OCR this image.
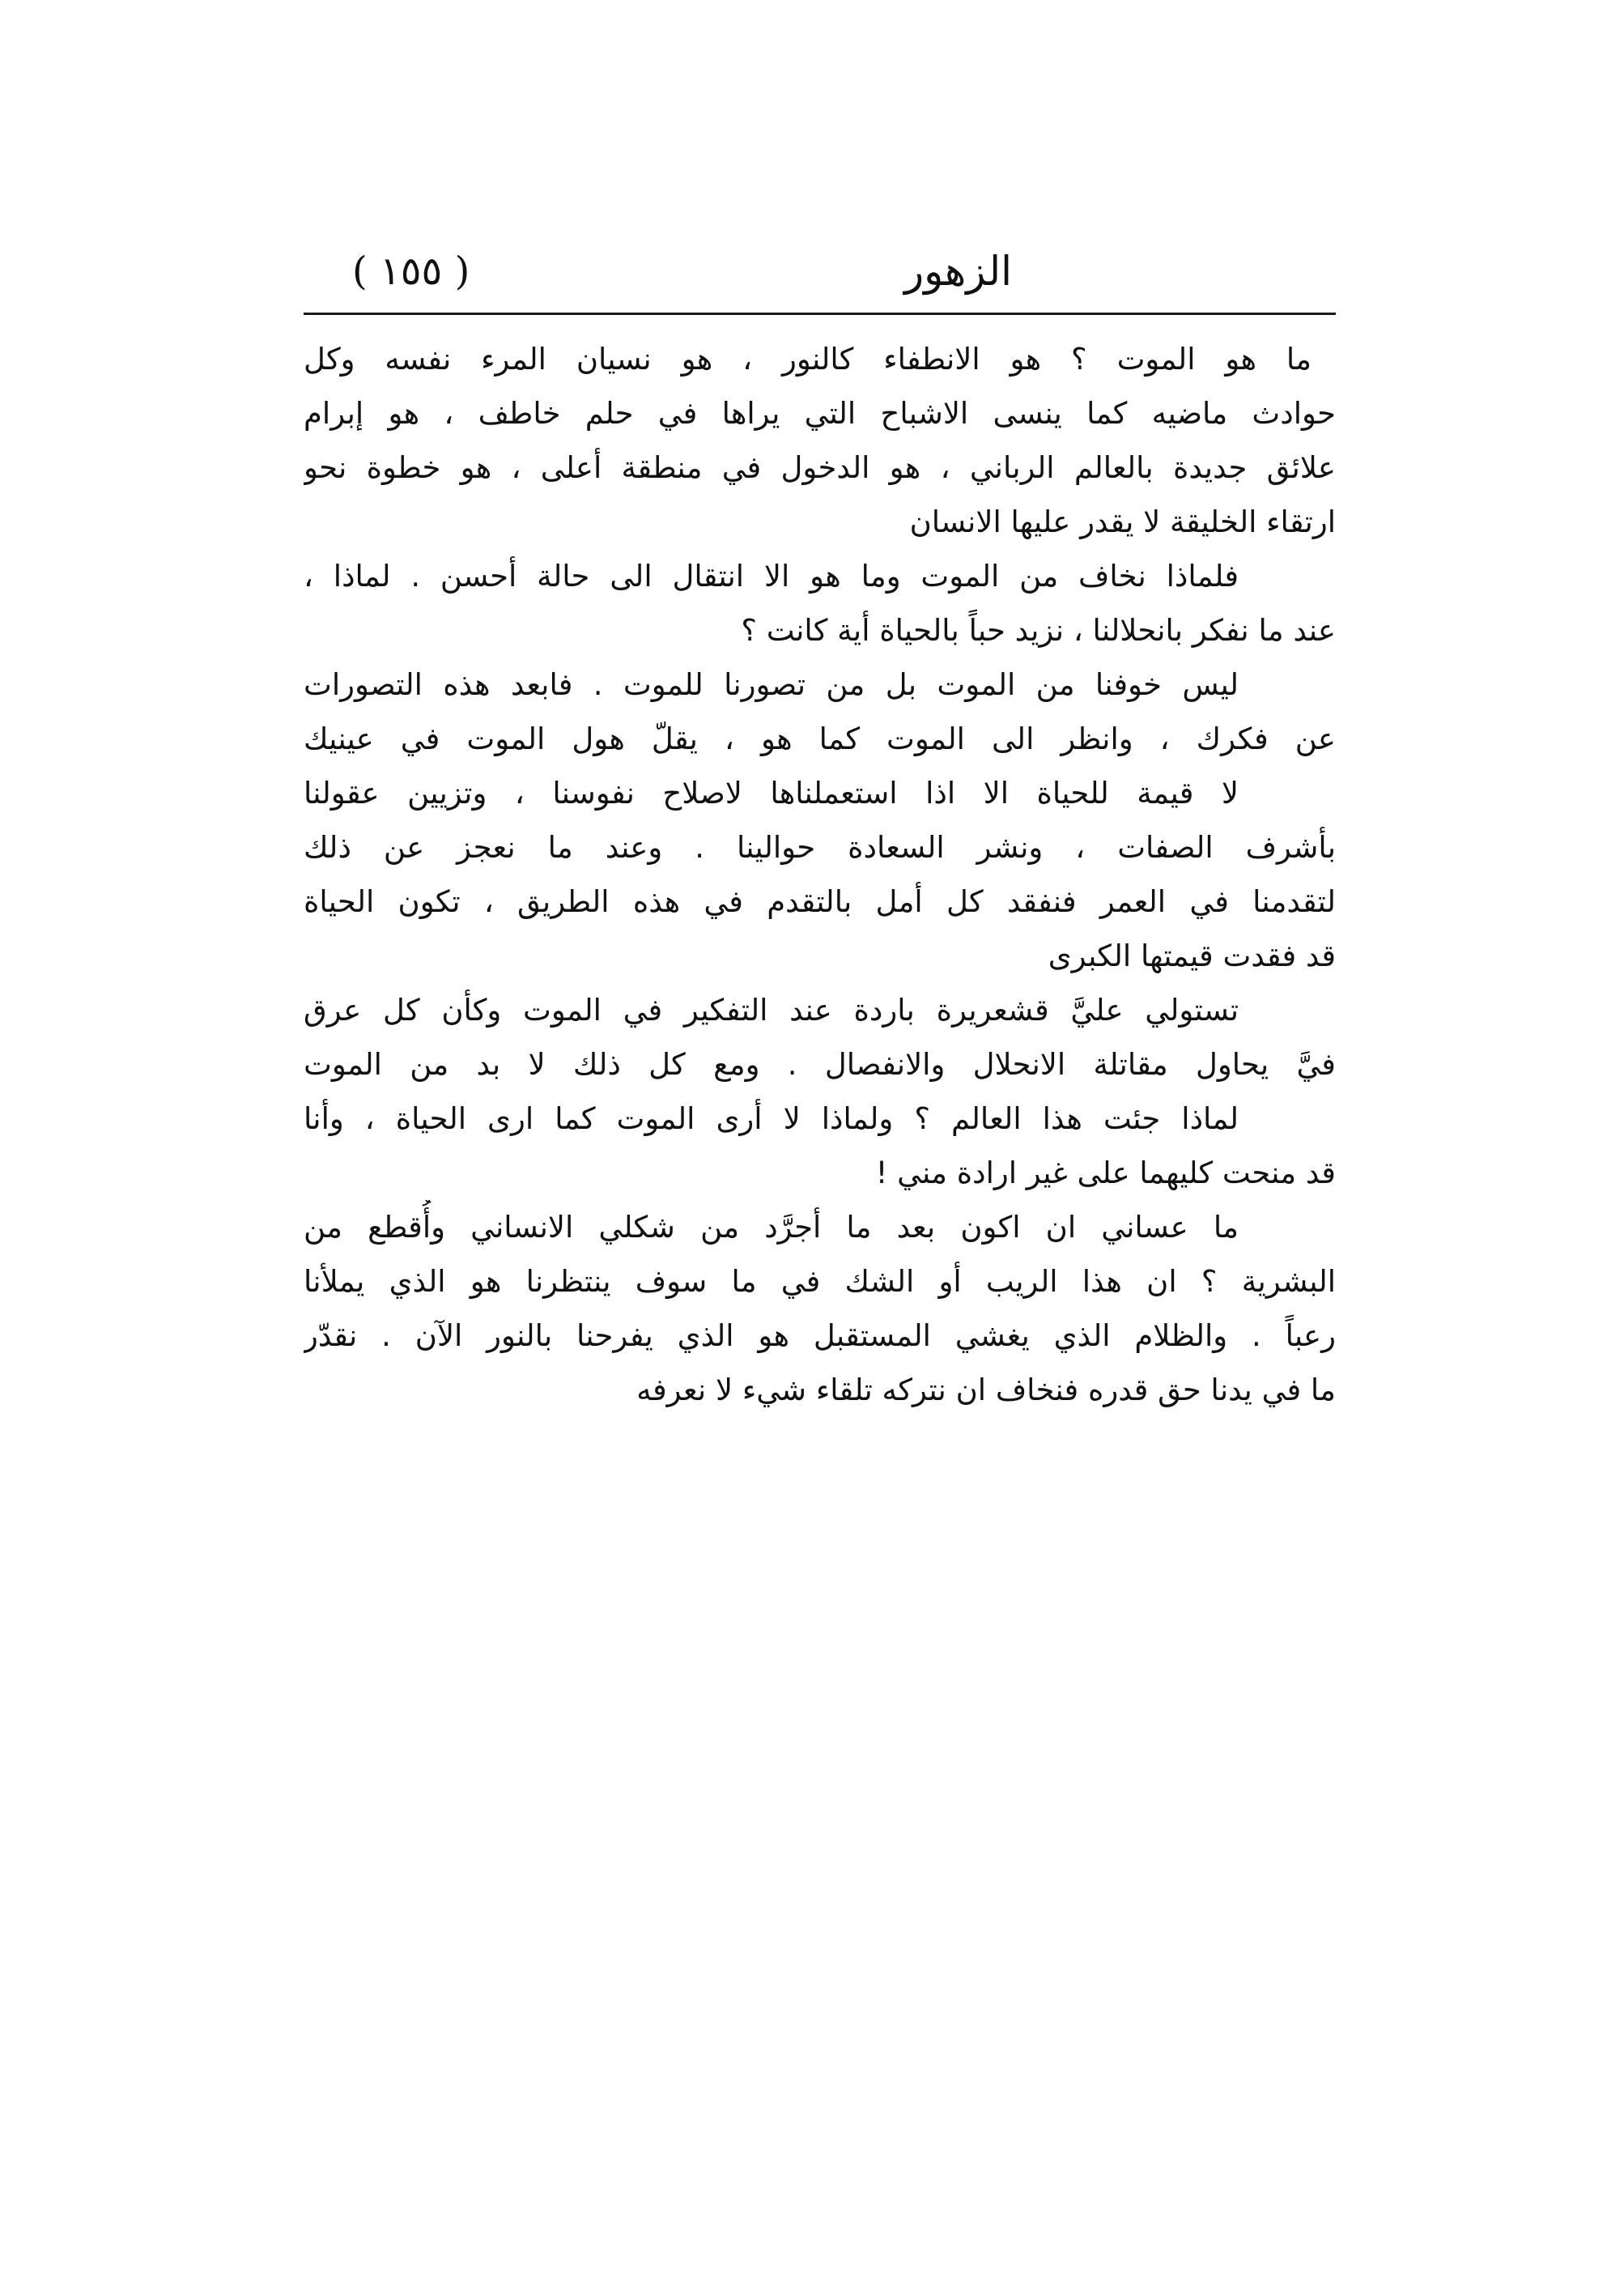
الزهور
( ١٥٥ )
ما هو الموت ؟ هو الانطفاء كالنور ، هو نسيان المرء نفسه وكل
حوادث ماضيه كما ينسى الاشباح التي يراها في حلم خاطف ، هو إبرام
علائق جديدة بالعالم الرباني ، هو الدخول في منطقة أعلى ، هو خطوة نحو
ارتقاء الخليقة لا يقدر عليها الانسان
فلماذا نخاف من الموت وما هو الا انتقال الى حالة أحسن . لماذا ،
عند ما نفكر بانحلالنا ، نزيد حباً بالحياة أية كانت ؟
ليس خوفنا من الموت بل من تصورنا للموت . فابعد هذه التصورات
عن فكرك ، وانظر الى الموت كما هو ، يقلّ هول الموت في عينيك
لا قيمة للحياة الا اذا استعملناها لاصلاح نفوسنا ، وتزيين عقولنا
بأشرف الصفات ، ونشر السعادة حوالينا . وعند ما نعجز عن ذلك
لتقدمنا في العمر فنفقد كل أمل بالتقدم في هذه الطريق ، تكون الحياة
قد فقدت قيمتها الكبرى
تستولي عليَّ قشعريرة باردة عند التفكير في الموت وكأن كل عرق
فيَّ يحاول مقاتلة الانحلال والانفصال . ومع كل ذلك لا بد من الموت
لماذا جئت هذا العالم ؟ ولماذا لا أرى الموت كما ارى الحياة ، وأنا
قد منحت كليهما على غير ارادة مني !
ما عساني ان اكون بعد ما أجرَّد من شكلي الانساني وأُقطع من
البشرية ؟ ان هذا الريب أو الشك في ما سوف ينتظرنا هو الذي يملأنا
رعباً . والظلام الذي يغشي المستقبل هو الذي يفرحنا بالنور الآن . نقدّر
ما في يدنا حق قدره فنخاف ان نتركه تلقاء شيء لا نعرفه
